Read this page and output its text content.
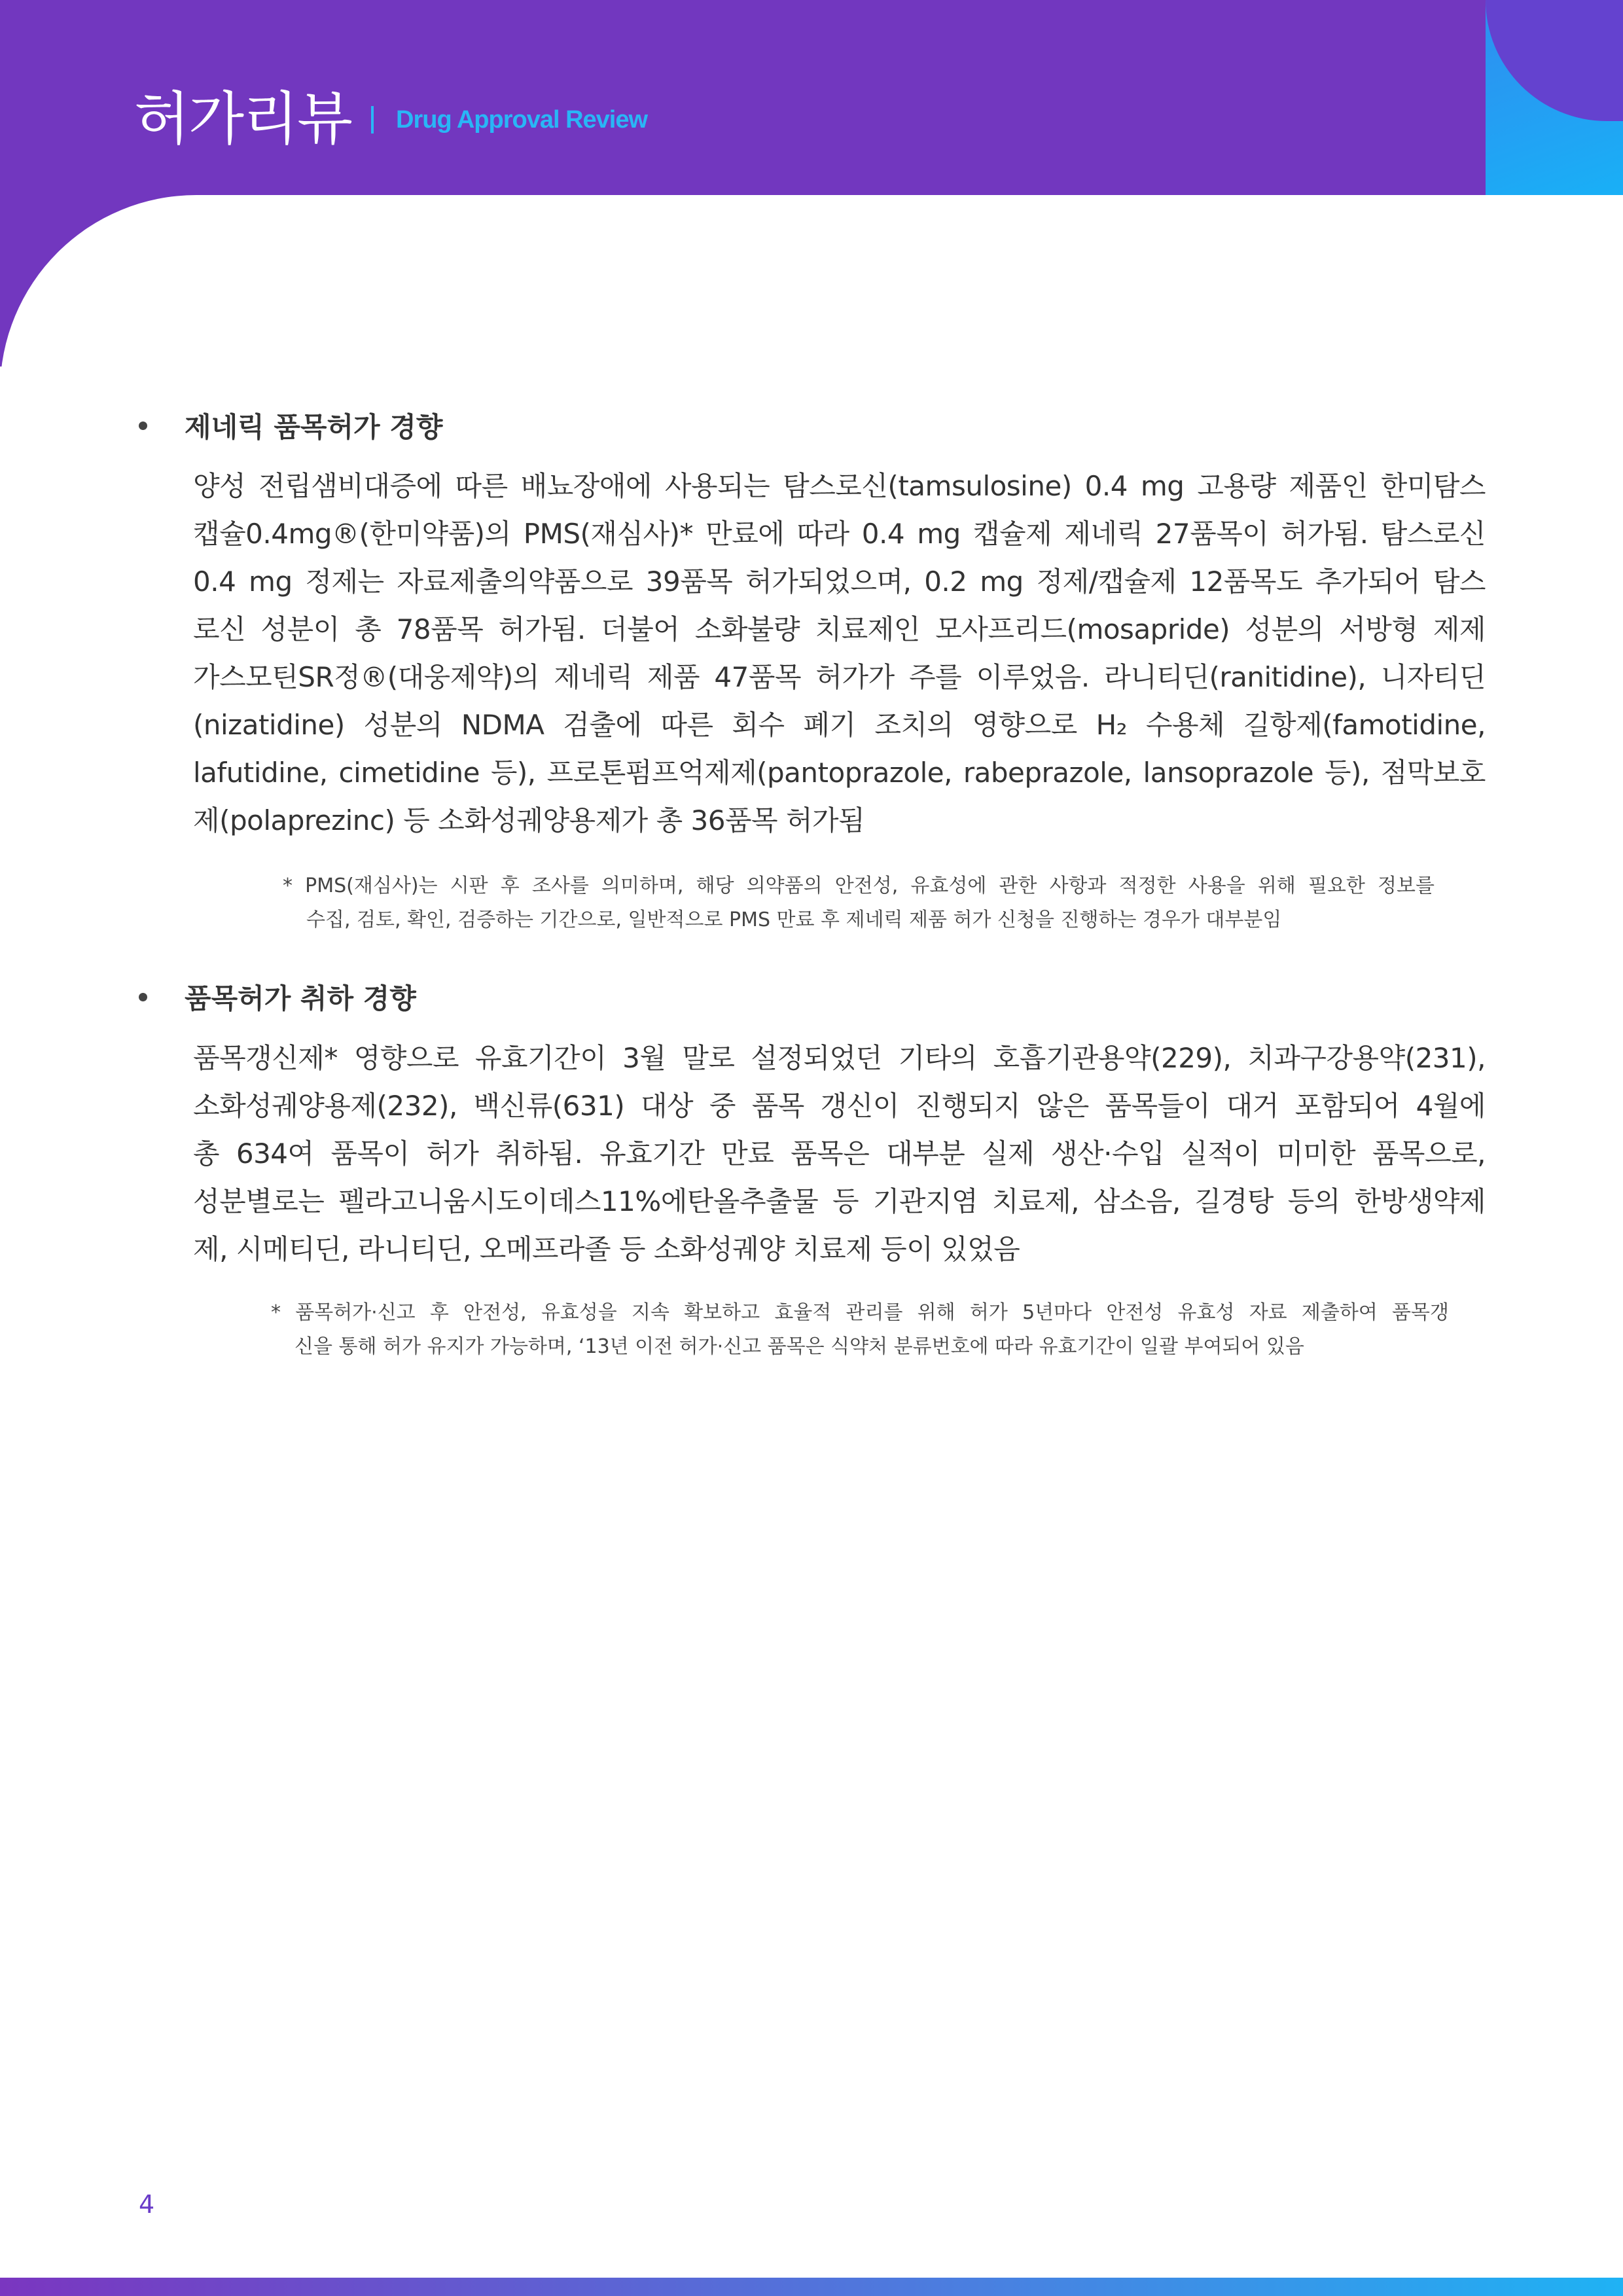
허가리뷰 Drug Approval Review
제네릭 품목허가 경향
양성 전립샘비대증에 따른 배뇨장애에 사용되는 탐스로신(tamsulosine) 0.4 mg 고용량 제품인 한미탐스
캡슐0.4mg®(한미약품)의 PMS(재심사)* 만료에 따라 0.4 mg 캡슐제 제네릭 27품목이 허가됨. 탐스로신
0.4 mg 정제는 자료제출의약품으로 39품목 허가되었으며, 0.2 mg 정제/캡슐제 12품목도 추가되어 탐스
로신 성분이 총 78품목 허가됨. 더불어 소화불량 치료제인 모사프리드(mosapride) 성분의 서방형 제제
가스모틴SR정®(대웅제약)의 제네릭 제품 47품목 허가가 주를 이루었음. 라니티딘(ranitidine), 니자티딘
(nizatidine) 성분의 NDMA 검출에 따른 회수 폐기 조치의 영향으로 H₂ 수용체 길항제(famotidine,
lafutidine, cimetidine 등), 프로톤펌프억제제(pantoprazole, rabeprazole, lansoprazole 등), 점막보호
제(polaprezinc) 등 소화성궤양용제가 총 36품목 허가됨
* PMS(재심사)는 시판 후 조사를 의미하며, 해당 의약품의 안전성, 유효성에 관한 사항과 적정한 사용을 위해 필요한 정보를
수집, 검토, 확인, 검증하는 기간으로, 일반적으로 PMS 만료 후 제네릭 제품 허가 신청을 진행하는 경우가 대부분임
품목허가 취하 경향
품목갱신제* 영향으로 유효기간이 3월 말로 설정되었던 기타의 호흡기관용약(229), 치과구강용약(231),
소화성궤양용제(232), 백신류(631) 대상 중 품목 갱신이 진행되지 않은 품목들이 대거 포함되어 4월에
총 634여 품목이 허가 취하됨. 유효기간 만료 품목은 대부분 실제 생산·수입 실적이 미미한 품목으로,
성분별로는 펠라고니움시도이데스11%에탄올추출물 등 기관지염 치료제, 삼소음, 길경탕 등의 한방생약제
제, 시메티딘, 라니티딘, 오메프라졸 등 소화성궤양 치료제 등이 있었음
* 품목허가·신고 후 안전성, 유효성을 지속 확보하고 효율적 관리를 위해 허가 5년마다 안전성 유효성 자료 제출하여 품목갱
신을 통해 허가 유지가 가능하며, ‘13년 이전 허가·신고 품목은 식약처 분류번호에 따라 유효기간이 일괄 부여되어 있음
4
